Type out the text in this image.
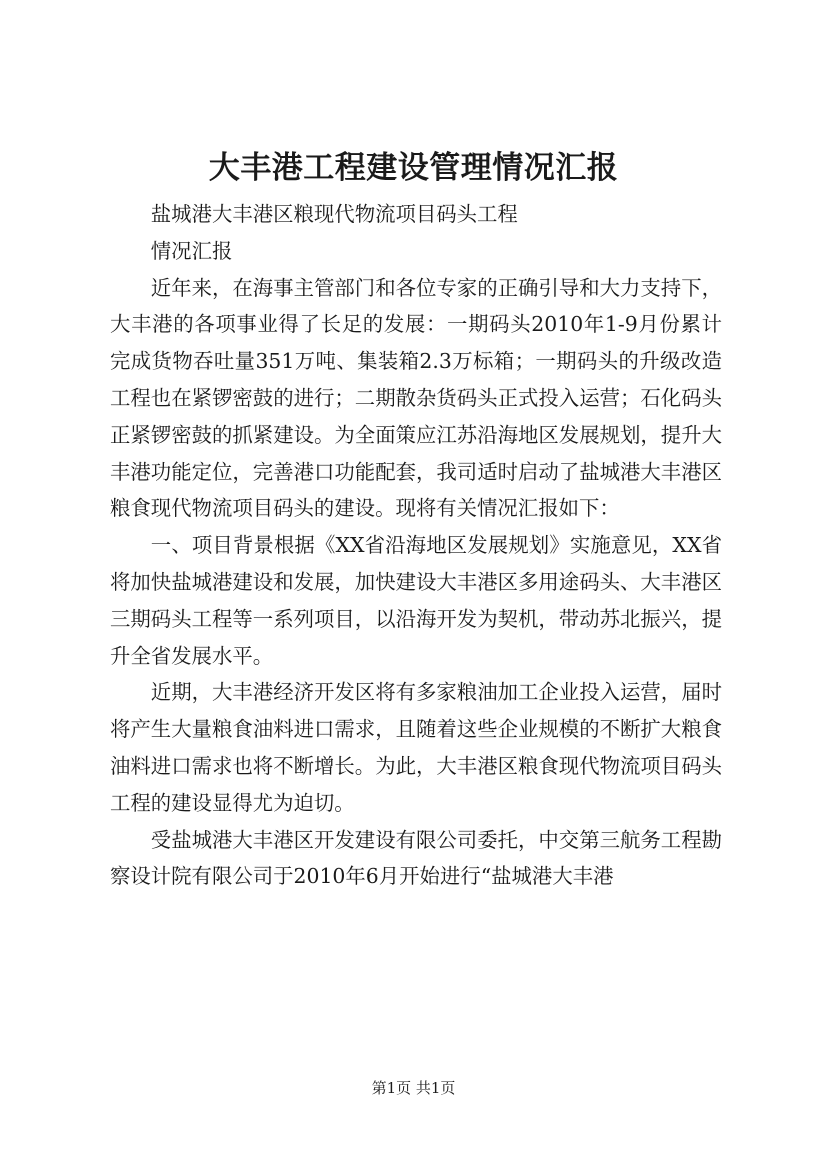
大丰港工程建设管理情况汇报

盐城港大丰港区粮现代物流项目码头工程

情况汇报

近年来，在海事主管部门和各位专家的正确引导和大力支持下，大丰港的各项事业得了长足的发展：一期码头2010年1-9月份累计完成货物吞吐量351万吨、集装箱2.3万标箱；一期码头的升级改造工程也在紧锣密鼓的进行；二期散杂货码头正式投入运营；石化码头正紧锣密鼓的抓紧建设。为全面策应江苏沿海地区发展规划，提升大丰港功能定位，完善港口功能配套，我司适时启动了盐城港大丰港区粮食现代物流项目码头的建设。现将有关情况汇报如下：

一、项目背景根据《XX省沿海地区发展规划》实施意见，XX省将加快盐城港建设和发展，加快建设大丰港区多用途码头、大丰港区三期码头工程等一系列项目，以沿海开发为契机，带动苏北振兴，提升全省发展水平。

近期，大丰港经济开发区将有多家粮油加工企业投入运营，届时将产生大量粮食油料进口需求，且随着这些企业规模的不断扩大粮食油料进口需求也将不断增长。为此，大丰港区粮食现代物流项目码头工程的建设显得尤为迫切。

受盐城港大丰港区开发建设有限公司委托，中交第三航务工程勘察设计院有限公司于2010年6月开始进行“盐城港大丰港

第1页 共1页
